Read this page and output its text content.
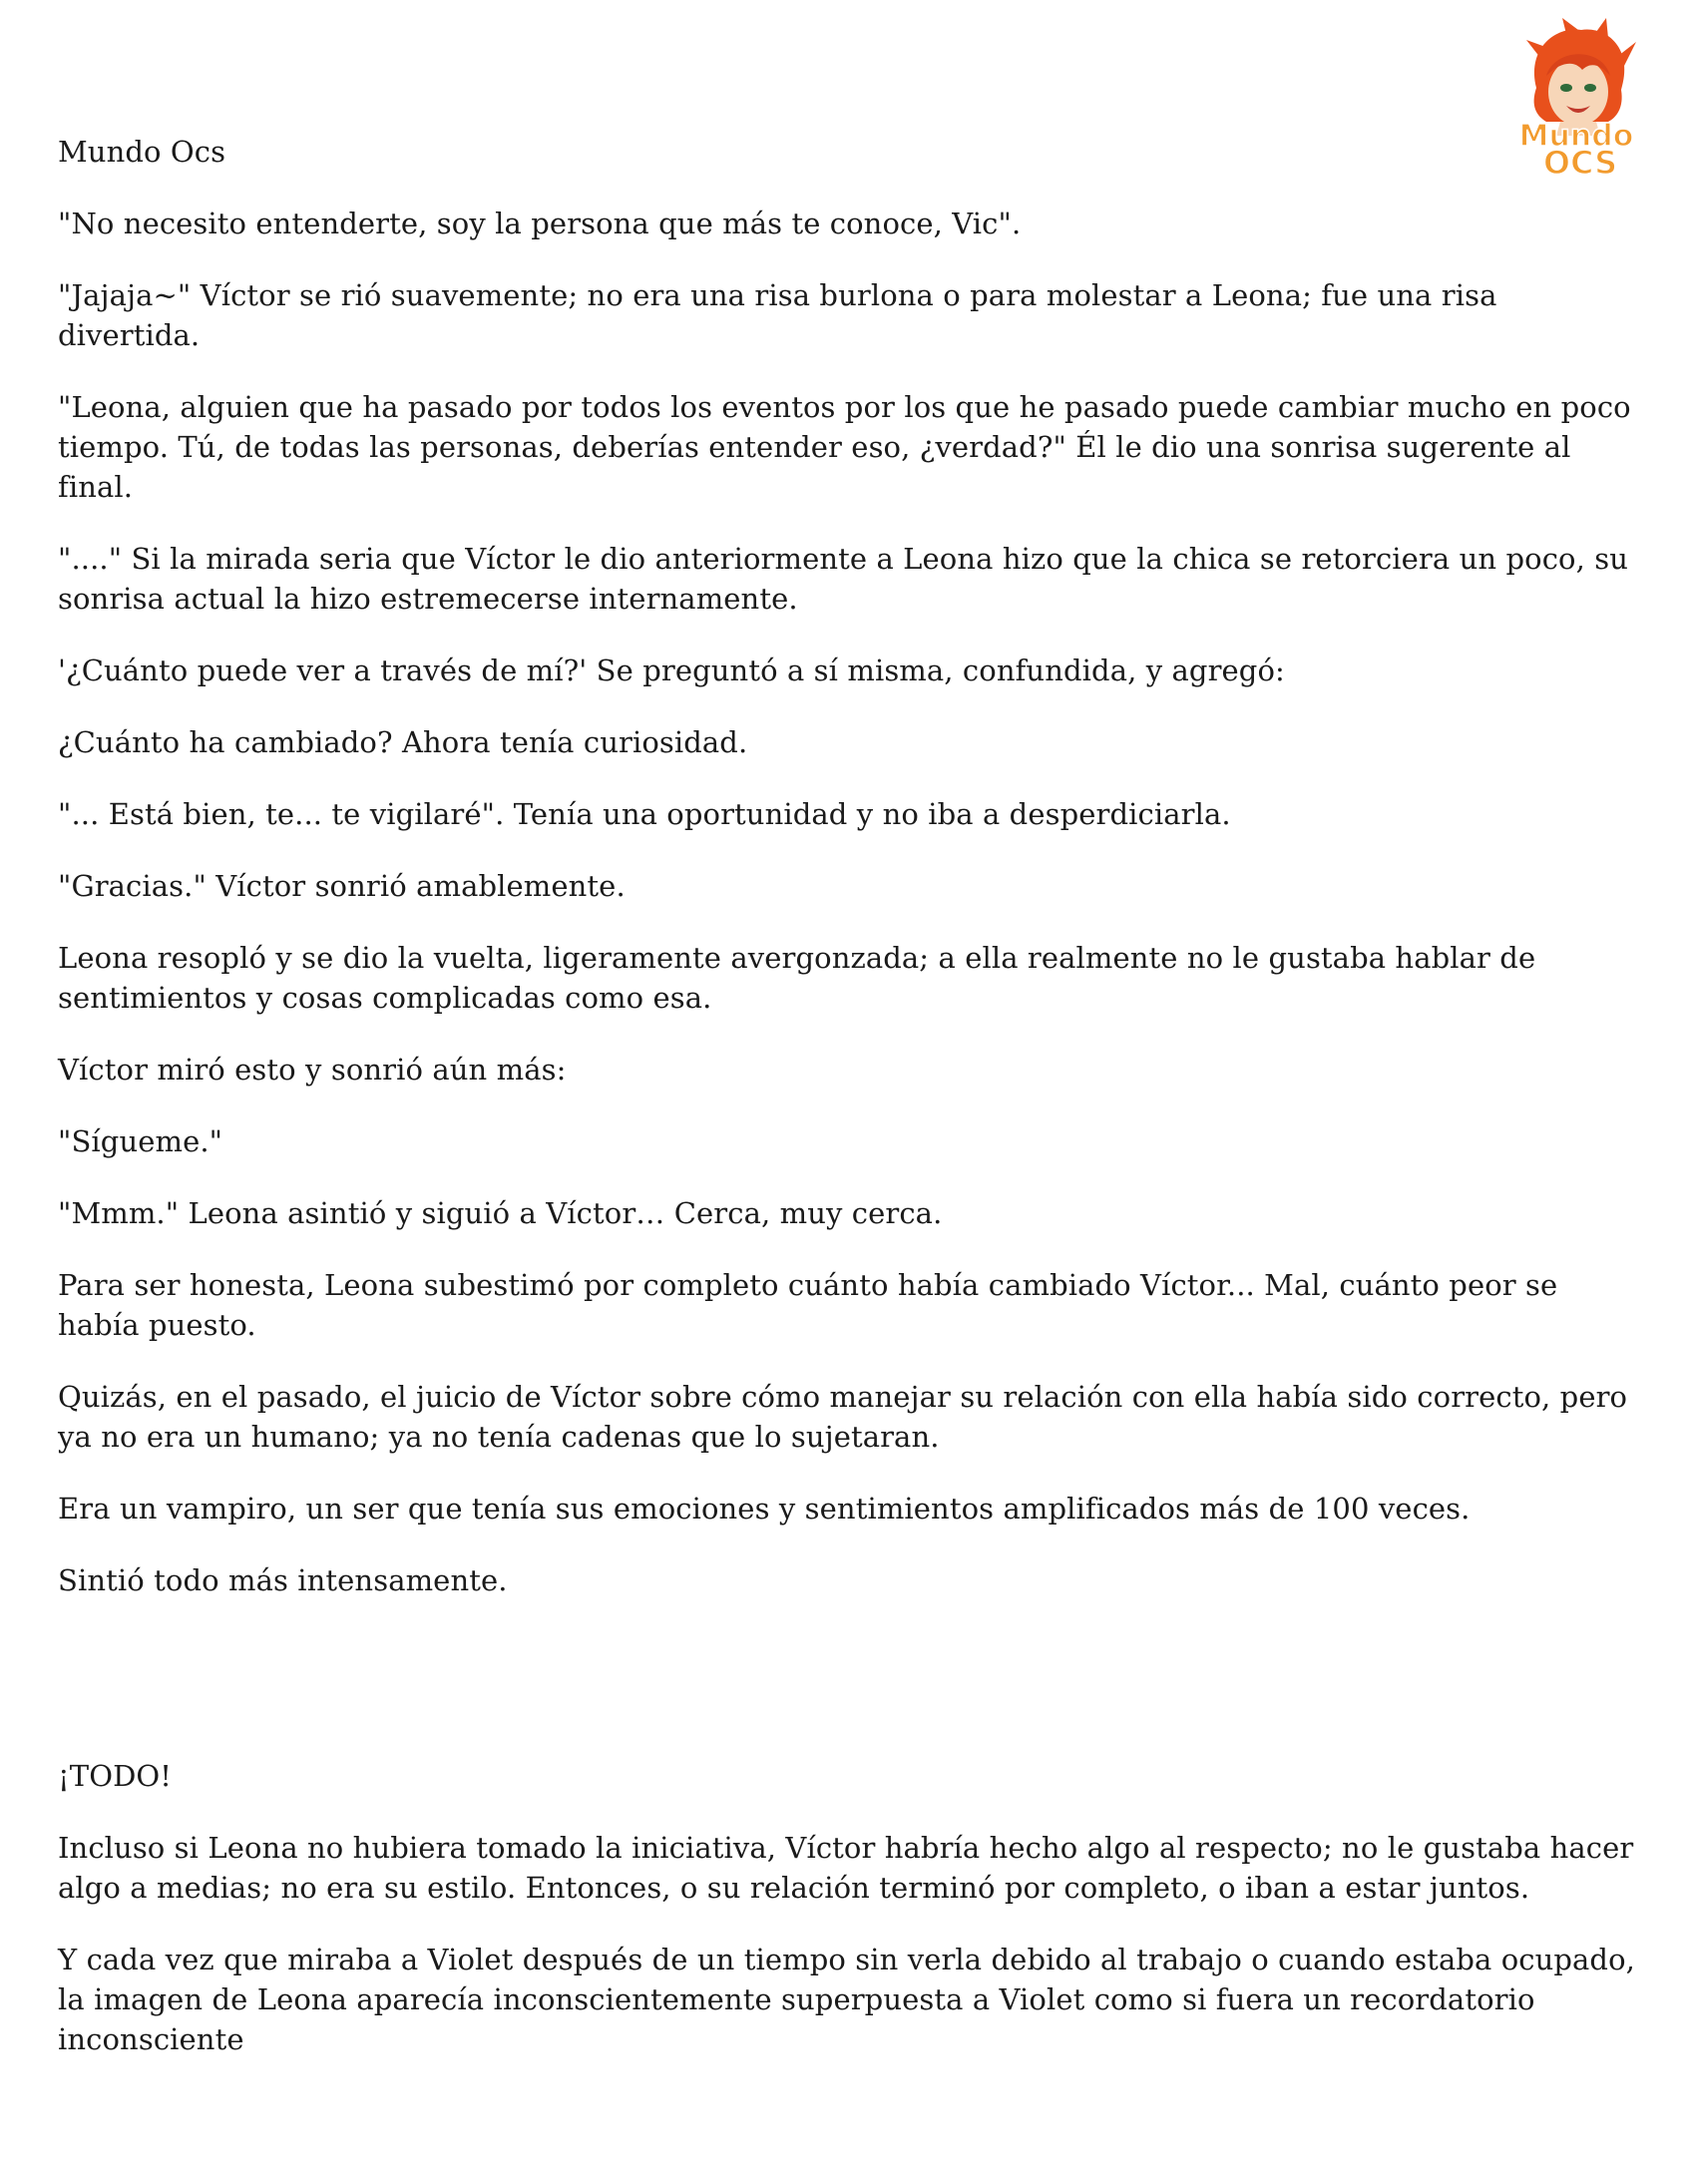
Mundo
OCS

Mundo Ocs

"No necesito entenderte, soy la persona que más te conoce, Vic".

"Jajaja~" Víctor se rió suavemente; no era una risa burlona o para molestar a Leona; fue una risa divertida.

"Leona, alguien que ha pasado por todos los eventos por los que he pasado puede cambiar mucho en poco tiempo. Tú, de todas las personas, deberías entender eso, ¿verdad?" Él le dio una sonrisa sugerente al final.

"...." Si la mirada seria que Víctor le dio anteriormente a Leona hizo que la chica se retorciera un poco, su sonrisa actual la hizo estremecerse internamente.

'¿Cuánto puede ver a través de mí?' Se preguntó a sí misma, confundida, y agregó:

¿Cuánto ha cambiado? Ahora tenía curiosidad.

"... Está bien, te... te vigilaré". Tenía una oportunidad y no iba a desperdiciarla.

"Gracias." Víctor sonrió amablemente.

Leona resopló y se dio la vuelta, ligeramente avergonzada; a ella realmente no le gustaba hablar de sentimientos y cosas complicadas como esa.

Víctor miró esto y sonrió aún más:

"Sígueme."

"Mmm." Leona asintió y siguió a Víctor… Cerca, muy cerca.

Para ser honesta, Leona subestimó por completo cuánto había cambiado Víctor... Mal, cuánto peor se había puesto.

Quizás, en el pasado, el juicio de Víctor sobre cómo manejar su relación con ella había sido correcto, pero ya no era un humano; ya no tenía cadenas que lo sujetaran.

Era un vampiro, un ser que tenía sus emociones y sentimientos amplificados más de 100 veces.

Sintió todo más intensamente.

¡TODO!

Incluso si Leona no hubiera tomado la iniciativa, Víctor habría hecho algo al respecto; no le gustaba hacer algo a medias; no era su estilo. Entonces, o su relación terminó por completo, o iban a estar juntos.

Y cada vez que miraba a Violet después de un tiempo sin verla debido al trabajo o cuando estaba ocupado, la imagen de Leona aparecía inconscientemente superpuesta a Violet como si fuera un recordatorio inconsciente
